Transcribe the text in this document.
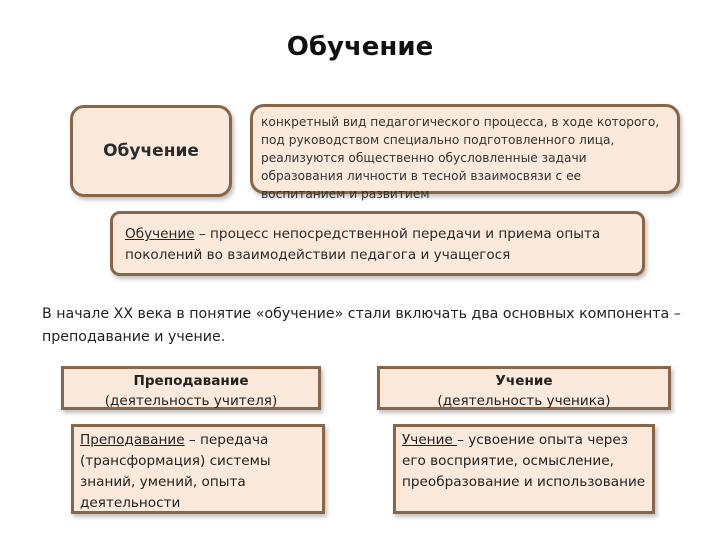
Обучение
Обучение
конкретный вид педагогического процесса, в ходе которого, под руководством специально подготовленного лица, реализуются общественно обусловленные задачи образования личности в тесной взаимосвязи с ее воспитанием и развитием
Обучение – процесс непосредственной передачи и приема опыта поколений во взаимодействии педагога и учащегося
В начале XX века в понятие «обучение» стали включать два основных компонента – преподавание и учение.
Преподавание
(деятельность учителя)
Учение
(деятельность ученика)
Преподавание – передача (трансформация) системы знаний, умений, опыта деятельности
Учение – усвоение опыта через его восприятие, осмысление, преобразование и использование
